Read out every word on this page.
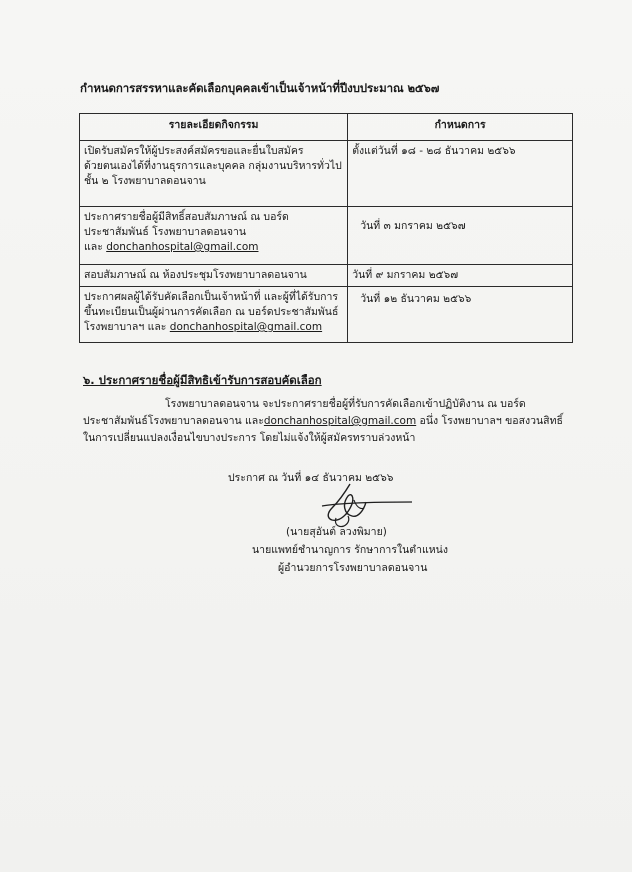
กำหนดการสรรหาและคัดเลือกบุคคลเข้าเป็นเจ้าหน้าที่ปีงบประมาณ ๒๕๖๗
รายละเอียดกิจกรรม	กำหนดการ

เปิดรับสมัครให้ผู้ประสงค์สมัครขอและยื่นใบสมัคร
ด้วยตนเองได้ที่งานธุรการและบุคคล กลุ่มงานบริหารทั่วไป
ชั้น ๒ โรงพยาบาลดอนจาน	ตั้งแต่วันที่ ๑๘ - ๒๘ ธันวาคม ๒๕๖๖

ประกาศรายชื่อผู้มีสิทธิ์สอบสัมภาษณ์ ณ บอร์ด
ประชาสัมพันธ์ โรงพยาบาลดอนจาน
และ donchanhospital@gmail.com	วันที่ ๓ มกราคม ๒๕๖๗

สอบสัมภาษณ์ ณ ห้องประชุมโรงพยาบาลดอนจาน	วันที่ ๙ มกราคม ๒๕๖๗

ประกาศผลผู้ได้รับคัดเลือกเป็นเจ้าหน้าที่ และผู้ที่ได้รับการ
ขึ้นทะเบียนเป็นผู้ผ่านการคัดเลือก ณ บอร์ดประชาสัมพันธ์
โรงพยาบาลฯ และ donchanhospital@gmail.com	วันที่ ๑๒ ธันวาคม ๒๕๖๖
๖. ประกาศรายชื่อผู้มีสิทธิเข้ารับการสอบคัดเลือก
โรงพยาบาลดอนจาน จะประกาศรายชื่อผู้ที่รับการคัดเลือกเข้าปฏิบัติงาน ณ บอร์ด
ประชาสัมพันธ์โรงพยาบาลดอนจาน และdonchanhospital@gmail.com อนึ่ง โรงพยาบาลฯ ขอสงวนสิทธิ์
ในการเปลี่ยนแปลงเงื่อนไขบางประการ โดยไม่แจ้งให้ผู้สมัครทราบล่วงหน้า
ประกาศ ณ วันที่ ๑๔ ธันวาคม ๒๕๖๖
(นายสุอันต์ ลวงพิมาย)
นายแพทย์ชำนาญการ รักษาการในตำแหน่ง
ผู้อำนวยการโรงพยาบาลดอนจาน
